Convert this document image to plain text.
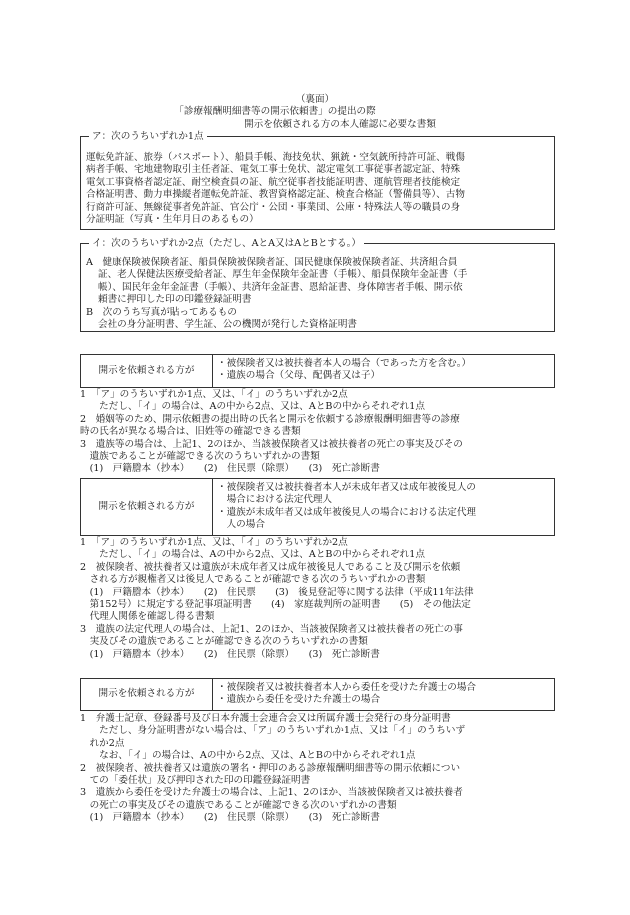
（裏面）
「診療報酬明細書等の開示依頼書」の提出の際
開示を依頼される方の本人確認に必要な書類
ア：次のうちいずれか1点
運転免許証、旅券（パスポート）、船員手帳、海技免状、猟銃・空気銃所持許可証、戦傷
病者手帳、宅地建物取引主任者証、電気工事士免状、認定電気工事従事者認定証、特殊
電気工事資格者認定証、耐空検査員の証、航空従事者技能証明書、運航管理者技能検定
合格証明書、動力車操縦者運転免許証、教習資格認定証、検査合格証（警備員等）、古物
行商許可証、無線従事者免許証、官公庁・公団・事業団、公庫・特殊法人等の職員の身
分証明証（写真・生年月日のあるもの）
イ：次のうちいずれか2点（ただし、AとA又はAとBとする。）
A　健康保険被保険者証、船員保険被保険者証、国民健康保険被保険者証、共済組合員
証、老人保健法医療受給者証、厚生年金保険年金証書（手帳）、船員保険年金証書（手
帳）、国民年金年金証書（手帳）、共済年金証書、恩給証書、身体障害者手帳、開示依
頼書に押印した印の印鑑登録証明書
B　次のうち写真が貼ってあるもの
会社の身分証明書、学生証、公の機関が発行した資格証明書
開示を依頼される方が
・被保険者又は被扶養者本人の場合（であった方を含む。）
・遺族の場合（父母、配偶者又は子）
1　「ア」のうちいずれか1点、又は、「イ」のうちいずれか2点
　　ただし、「イ」の場合は、Aの中から2点、又は、AとBの中からそれぞれ1点
2　婚姻等のため、開示依頼書の提出時の氏名と開示を依頼する診療報酬明細書等の診療
時の氏名が異なる場合は、旧姓等の確認できる書類
3　遺族等の場合は、上記1、2のほか、当該被保険者又は被扶養者の死亡の事実及びその
　遺族であることが確認できる次のうちいずれかの書類
　(1)　戸籍謄本（抄本）　　(2)　住民票（除票）　　(3)　死亡診断書
開示を依頼される方が
・被保険者又は被扶養者本人が未成年者又は成年被後見人の
　場合における法定代理人
・遺族が未成年者又は成年被後見人の場合における法定代理
　人の場合
1　「ア」のうちいずれか1点、又は、「イ」のうちいずれか2点
　　ただし、「イ」の場合は、Aの中から2点、又は、AとBの中からそれぞれ1点
2　被保険者、被扶養者又は遺族が未成年者又は成年被後見人であること及び開示を依頼
　される方が親権者又は後見人であることが確認できる次のうちいずれかの書類
　(1)　戸籍謄本（抄本）　　(2)　住民票　　(3)　後見登記等に関する法律（平成11年法律
　第152号）に規定する登記事項証明書　　(4)　家庭裁判所の証明書　　(5)　その他法定
　代理人関係を確認し得る書類
3　遺族の法定代理人の場合は、上記1、2のほか、当該被保険者又は被扶養者の死亡の事
　実及びその遺族であることが確認できる次のうちいずれかの書類
　(1)　戸籍謄本（抄本）　　(2)　住民票（除票）　　(3)　死亡診断書
開示を依頼される方が
・被保険者又は被扶養者本人から委任を受けた弁護士の場合
・遺族から委任を受けた弁護士の場合
1　弁護士記章、登録番号及び日本弁護士会連合会又は所属弁護士会発行の身分証明書
　　ただし、身分証明書がない場合は、「ア」のうちいずれか1点、又は「イ」のうちいず
　れか2点
　　なお、「イ」の場合は、Aの中から2点、又は、AとBの中からそれぞれ1点
2　被保険者、被扶養者又は遺族の署名・押印のある診療報酬明細書等の開示依頼につい
　ての「委任状」及び押印された印の印鑑登録証明書
3　遺族から委任を受けた弁護士の場合は、上記1、2のほか、当該被保険者又は被扶養者
　の死亡の事実及びその遺族であることが確認できる次のいずれかの書類
　(1)　戸籍謄本（抄本）　　(2)　住民票（除票）　　(3)　死亡診断書
